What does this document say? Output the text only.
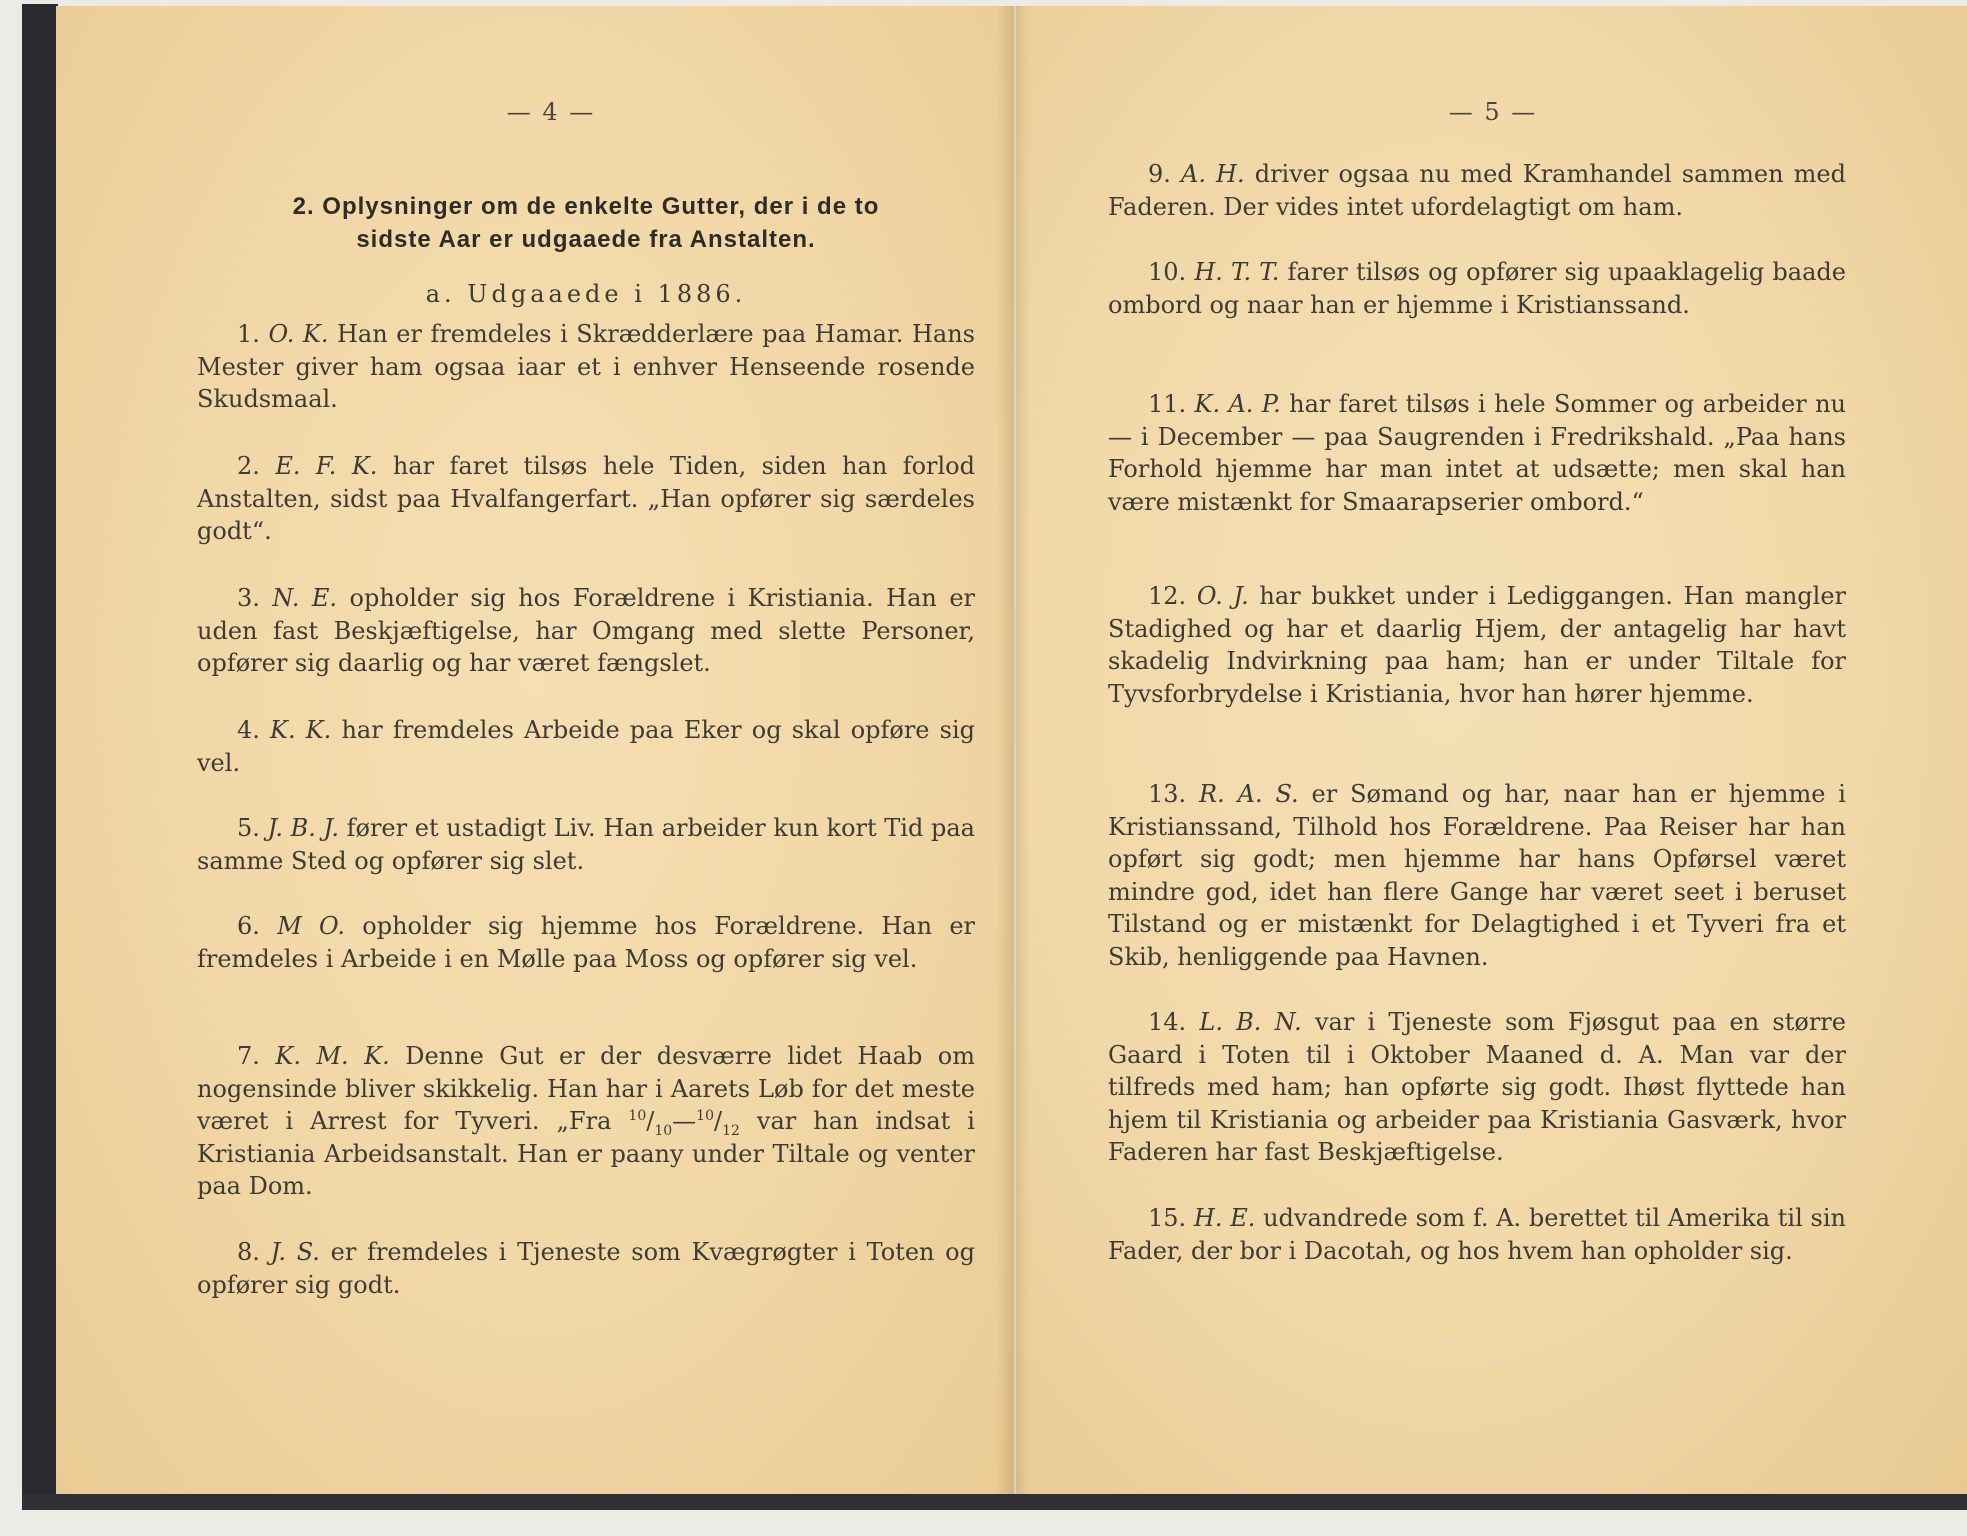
— 4 —
2. Oplysninger om de enkelte Gutter, der i de to
sidste Aar er udgaaede fra Anstalten.
a. Udgaaede i 1886.

1. O. K. Han er fremdeles i Skrædderlære paa Hamar. Hans Mester giver ham ogsaa iaar et i enhver Henseende rosende Skudsmaal.

2. E. F. K. har faret tilsøs hele Tiden, siden han forlod Anstalten, sidst paa Hvalfangerfart. „Han opfører sig særdeles godt“.

3. N. E. opholder sig hos Forældrene i Kristiania. Han er uden fast Beskjæftigelse, har Omgang med slette Personer, opfører sig daarlig og har været fængslet.

4. K. K. har fremdeles Arbeide paa Eker og skal opføre sig vel.

5. J. B. J. fører et ustadigt Liv. Han arbeider kun kort Tid paa samme Sted og opfører sig slet.

6. M O. opholder sig hjemme hos Forældrene. Han er fremdeles i Arbeide i en Mølle paa Moss og opfører sig vel.

7. K. M. K. Denne Gut er der desværre lidet Haab om nogensinde bliver skikkelig. Han har i Aarets Løb for det meste været i Arrest for Tyveri. „Fra $^{10}/_{10}—^{10}/_{12}$ var han indsat i Kristiania Arbeidsanstalt. Han er paany under Tiltale og venter paa Dom.

8. J. S. er fremdeles i Tjeneste som Kvægrøgter i Toten og opfører sig godt.

— 5 —

9. A. H. driver ogsaa nu med Kramhandel sammen med Faderen. Der vides intet ufordelagtigt om ham.

10. H. T. T. farer tilsøs og opfører sig upaaklagelig baade ombord og naar han er hjemme i Kristianssand.

11. K. A. P. har faret tilsøs i hele Sommer og arbeider nu — i December — paa Saugrenden i Fredrikshald. „Paa hans Forhold hjemme har man intet at udsætte; men skal han være mistænkt for Smaarapserier ombord.“

12. O. J. har bukket under i Lediggangen. Han mangler Stadighed og har et daarlig Hjem, der antagelig har havt skadelig Indvirkning paa ham; han er under Tiltale for Tyvsforbrydelse i Kristiania, hvor han hører hjemme.

13. R. A. S. er Sømand og har, naar han er hjemme i Kristianssand, Tilhold hos Forældrene. Paa Reiser har han opført sig godt; men hjemme har hans Opførsel været mindre god, idet han flere Gange har været seet i beruset Tilstand og er mistænkt for Delagtighed i et Tyveri fra et Skib, henliggende paa Havnen.

14. L. B. N. var i Tjeneste som Fjøsgut paa en større Gaard i Toten til i Oktober Maaned d. A. Man var der tilfreds med ham; han opførte sig godt. Ihøst flyttede han hjem til Kristiania og arbeider paa Kristiania Gasværk, hvor Faderen har fast Beskjæftigelse.

15. H. E. udvandrede som f. A. berettet til Amerika til sin Fader, der bor i Dacotah, og hos hvem han opholder sig.
